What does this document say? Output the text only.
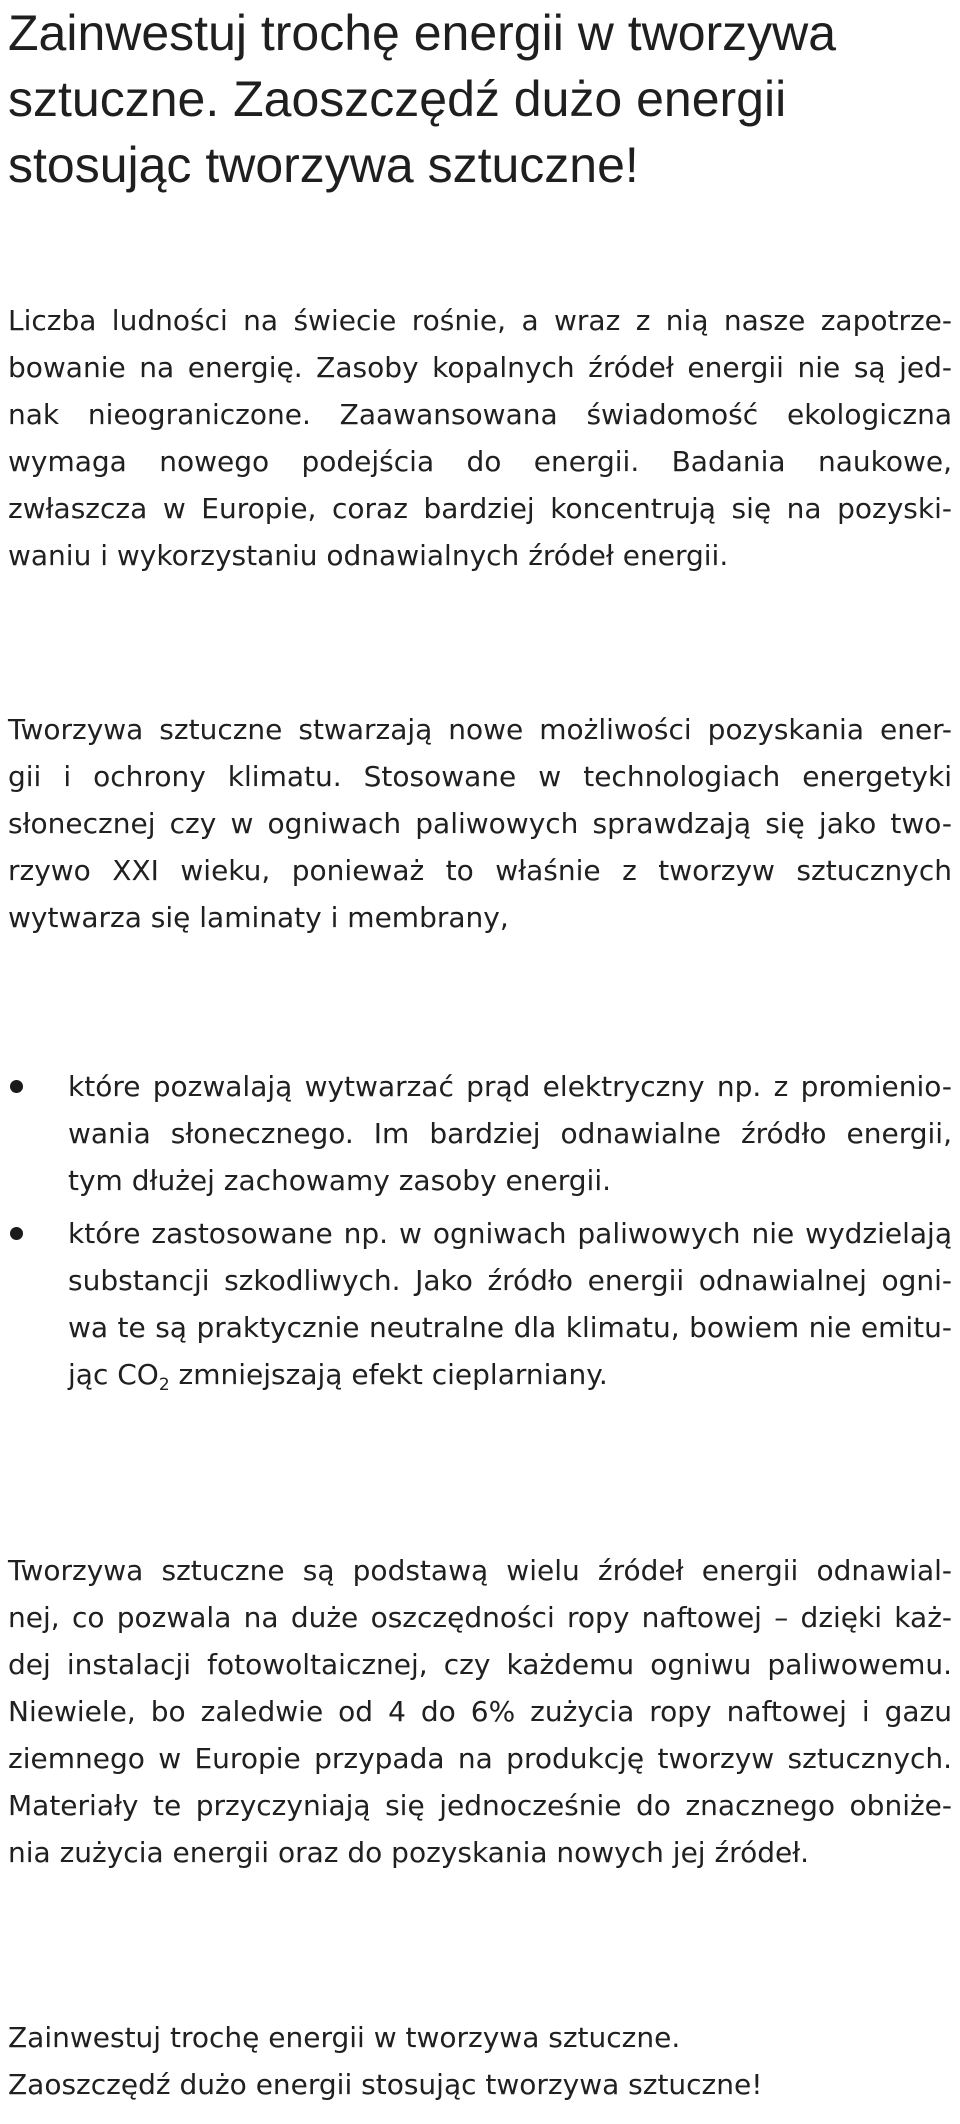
Zainwestuj trochę energii w tworzywa
sztuczne. Zaoszczędź dużo energii
stosując tworzywa sztuczne!
Liczba ludności na świecie rośnie, a wraz z nią nasze zapotrze-
bowanie na energię. Zasoby kopalnych źródeł energii nie są jed-
nak nieograniczone. Zaawansowana świadomość ekologiczna
wymaga nowego podejścia do energii. Badania naukowe,
zwłaszcza w Europie, coraz bardziej koncentrują się na pozyski-
waniu i wykorzystaniu odnawialnych źródeł energii.
Tworzywa sztuczne stwarzają nowe możliwości pozyskania ener-
gii i ochrony klimatu. Stosowane w technologiach energetyki
słonecznej czy w ogniwach paliwowych sprawdzają się jako two-
rzywo XXI wieku, ponieważ to właśnie z tworzyw sztucznych
wytwarza się laminaty i membrany,
które pozwalają wytwarzać prąd elektryczny np. z promienio-
wania słonecznego. Im bardziej odnawialne źródło energii,
tym dłużej zachowamy zasoby energii.
które zastosowane np. w ogniwach paliwowych nie wydzielają
substancji szkodliwych. Jako źródło energii odnawialnej ogni-
wa te są praktycznie neutralne dla klimatu, bowiem nie emitu-
jąc $CO_2$ zmniejszają efekt cieplarniany.
Tworzywa sztuczne są podstawą wielu źródeł energii odnawial-
nej, co pozwala na duże oszczędności ropy naftowej – dzięki każ-
dej instalacji fotowoltaicznej, czy każdemu ogniwu paliwowemu.
Niewiele, bo zaledwie od 4 do 6% zużycia ropy naftowej i gazu
ziemnego w Europie przypada na produkcję tworzyw sztucznych.
Materiały te przyczyniają się jednocześnie do znacznego obniże-
nia zużycia energii oraz do pozyskania nowych jej źródeł.
Zainwestuj trochę energii w tworzywa sztuczne.
Zaoszczędź dużo energii stosując tworzywa sztuczne!
